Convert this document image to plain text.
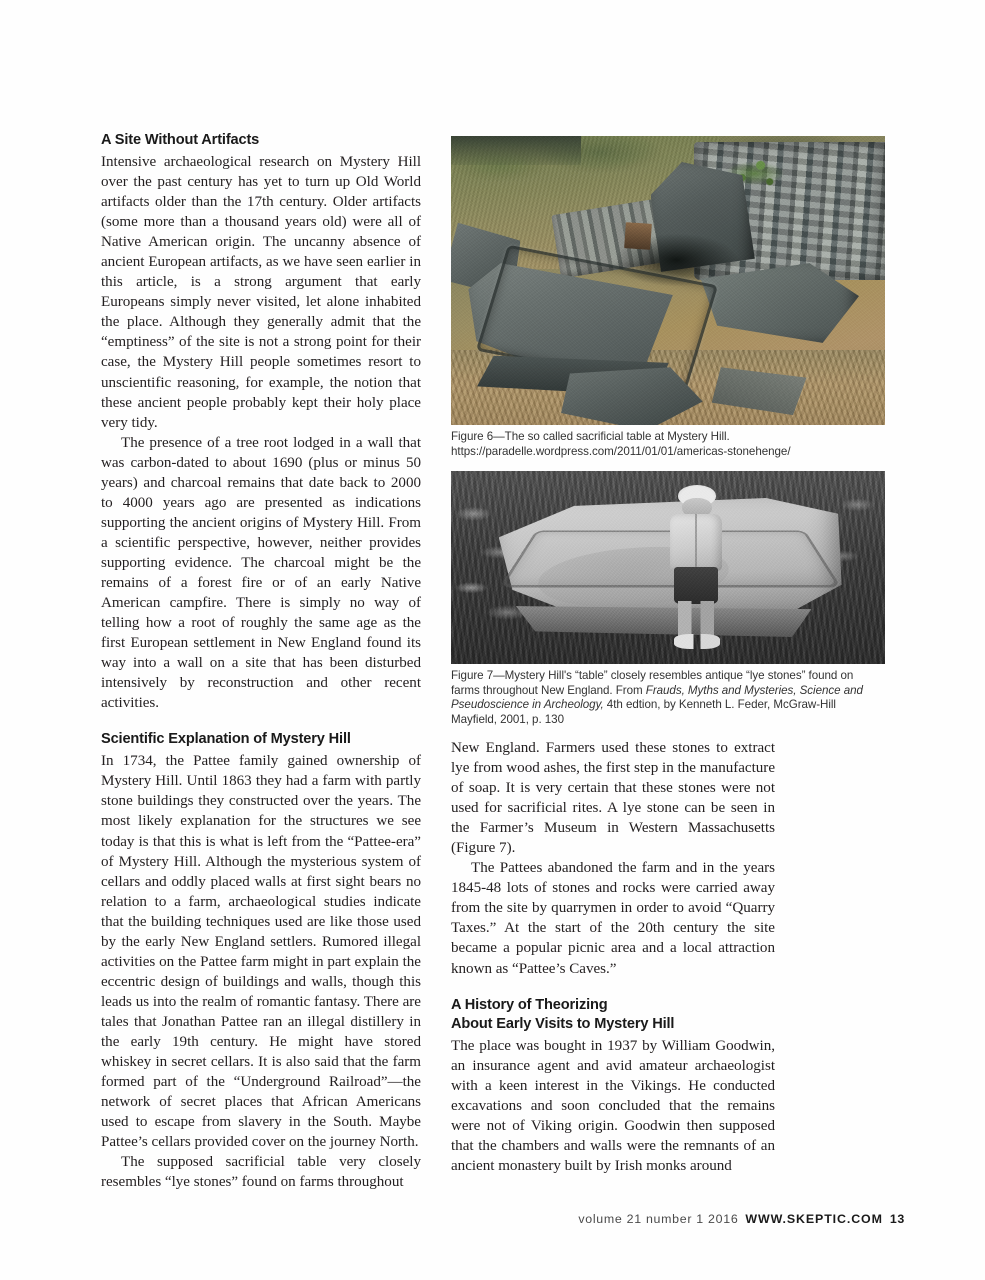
A Site Without Artifacts

Intensive archaeological research on Mystery Hill over the past century has yet to turn up Old World artifacts older than the 17th century. Older artifacts (some more than a thousand years old) were all of Native American origin. The uncanny absence of ancient European artifacts, as we have seen earlier in this article, is a strong argument that early Europeans simply never visited, let alone inhabited the place. Although they generally admit that the “emptiness” of the site is not a strong point for their case, the Mystery Hill people sometimes resort to unscientific reasoning, for example, the notion that these ancient people probably kept their holy place very tidy.

The presence of a tree root lodged in a wall that was carbon-dated to about 1690 (plus or minus 50 years) and charcoal remains that date back to 2000 to 4000 years ago are presented as indications supporting the ancient origins of Mystery Hill. From a scientific perspective, however, neither provides supporting evidence. The charcoal might be the remains of a forest fire or of an early Native American campfire. There is simply no way of telling how a root of roughly the same age as the first European settlement in New England found its way into a wall on a site that has been disturbed intensively by reconstruction and other recent activities.

Scientific Explanation of Mystery Hill

In 1734, the Pattee family gained ownership of Mystery Hill. Until 1863 they had a farm with partly stone buildings they constructed over the years. The most likely explanation for the structures we see today is that this is what is left from the “Pattee-era” of Mystery Hill. Although the mysterious system of cellars and oddly placed walls at first sight bears no relation to a farm, archaeological studies indicate that the building techniques used are like those used by the early New England settlers. Rumored illegal activities on the Pattee farm might in part explain the eccentric design of buildings and walls, though this leads us into the realm of romantic fantasy. There are tales that Jonathan Pattee ran an illegal distillery in the early 19th century. He might have stored whiskey in secret cellars. It is also said that the farm formed part of the “Underground Railroad”—the network of secret places that African Americans used to escape from slavery in the South. Maybe Pattee’s cellars provided cover on the journey North.

The supposed sacrificial table very closely resembles “lye stones” found on farms throughout

Figure 6—The so called sacrificial table at Mystery Hill.
https://paradelle.wordpress.com/2011/01/01/americas-stonehenge/
Figure 7—Mystery Hill's “table” closely resembles antique “lye stones” found on farms throughout New England. From Frauds, Myths and Mysteries, Science and Pseudoscience in Archeology, 4th edtion, by Kenneth L. Feder, McGraw-Hill Mayfield, 2001, p. 130

New England. Farmers used these stones to extract lye from wood ashes, the first step in the manufacture of soap. It is very certain that these stones were not used for sacrificial rites. A lye stone can be seen in the Farmer’s Museum in Western Massachusetts (Figure 7).

The Pattees abandoned the farm and in the years 1845-48 lots of stones and rocks were carried away from the site by quarrymen in order to avoid “Quarry Taxes.” At the start of the 20th century the site became a popular picnic area and a local attraction known as “Pattee’s Caves.”

A History of Theorizing
About Early Visits to Mystery Hill

The place was bought in 1937 by William Goodwin, an insurance agent and avid amateur archaeologist with a keen interest in the Vikings. He conducted excavations and soon concluded that the remains were not of Viking origin. Goodwin then supposed that the chambers and walls were the remnants of an ancient monastery built by Irish monks around

volume 21 number 1 2016 WWW.SKEPTIC.COM 13
